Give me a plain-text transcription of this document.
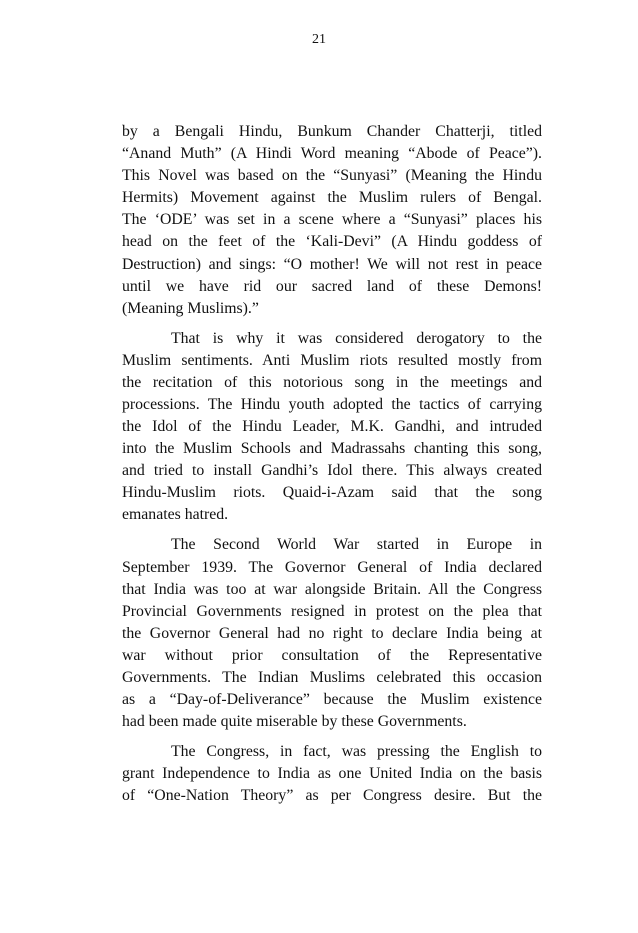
21
by a Bengali Hindu, Bunkum Chander Chatterji, titled
“Anand Muth” (A Hindi Word meaning “Abode of Peace”).
This Novel was based on the “Sunyasi” (Meaning the Hindu
Hermits) Movement against the Muslim rulers of Bengal.
The ‘ODE’ was set in a scene where a “Sunyasi” places his
head on the feet of the ‘Kali-Devi” (A Hindu goddess of
Destruction) and sings: “O mother! We will not rest in peace
until we have rid our sacred land of these Demons!
(Meaning Muslims).”
That is why it was considered derogatory to the
Muslim sentiments. Anti Muslim riots resulted mostly from
the recitation of this notorious song in the meetings and
processions. The Hindu youth adopted the tactics of carrying
the Idol of the Hindu Leader, M.K. Gandhi, and intruded
into the Muslim Schools and Madrassahs chanting this song,
and tried to install Gandhi’s Idol there. This always created
Hindu-Muslim riots. Quaid-i-Azam said that the song
emanates hatred.
The Second World War started in Europe in
September 1939. The Governor General of India declared
that India was too at war alongside Britain. All the Congress
Provincial Governments resigned in protest on the plea that
the Governor General had no right to declare India being at
war without prior consultation of the Representative
Governments. The Indian Muslims celebrated this occasion
as a “Day-of-Deliverance” because the Muslim existence
had been made quite miserable by these Governments.
The Congress, in fact, was pressing the English to
grant Independence to India as one United India on the basis
of “One-Nation Theory” as per Congress desire. But the
